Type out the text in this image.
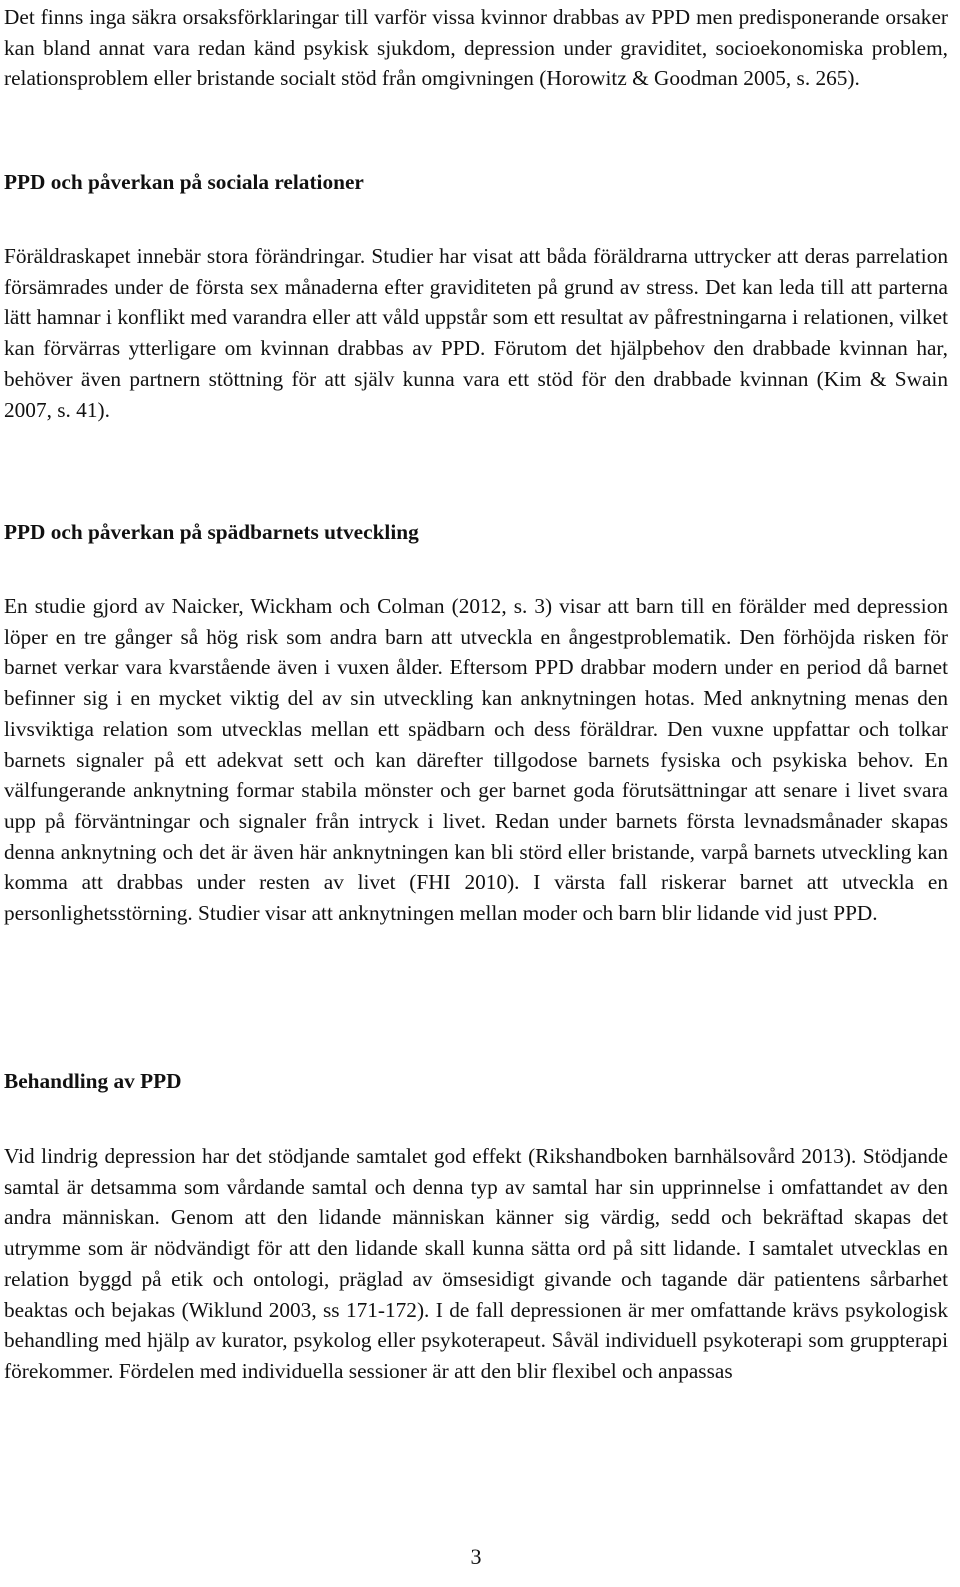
Det finns inga säkra orsaksförklaringar till varför vissa kvinnor drabbas av PPD men predisponerande orsaker kan bland annat vara redan känd psykisk sjukdom, depression under graviditet, socioekonomiska problem, relationsproblem eller bristande socialt stöd från omgivningen (Horowitz & Goodman 2005, s. 265).

PPD och påverkan på sociala relationer

Föräldraskapet innebär stora förändringar. Studier har visat att båda föräldrarna uttrycker att deras parrelation försämrades under de första sex månaderna efter graviditeten på grund av stress. Det kan leda till att parterna lätt hamnar i konflikt med varandra eller att våld uppstår som ett resultat av påfrestningarna i relationen, vilket kan förvärras ytterligare om kvinnan drabbas av PPD. Förutom det hjälpbehov den drabbade kvinnan har, behöver även partnern stöttning för att själv kunna vara ett stöd för den drabbade kvinnan (Kim & Swain 2007, s. 41).

PPD och påverkan på spädbarnets utveckling

En studie gjord av Naicker, Wickham och Colman (2012, s. 3) visar att barn till en förälder med depression löper en tre gånger så hög risk som andra barn att utveckla en ångestproblematik. Den förhöjda risken för barnet verkar vara kvarstående även i vuxen ålder. Eftersom PPD drabbar modern under en period då barnet befinner sig i en mycket viktig del av sin utveckling kan anknytningen hotas. Med anknytning menas den livsviktiga relation som utvecklas mellan ett spädbarn och dess föräldrar. Den vuxne uppfattar och tolkar barnets signaler på ett adekvat sett och kan därefter tillgodose barnets fysiska och psykiska behov. En välfungerande anknytning formar stabila mönster och ger barnet goda förutsättningar att senare i livet svara upp på förväntningar och signaler från intryck i livet. Redan under barnets första levnadsmånader skapas denna anknytning och det är även här anknytningen kan bli störd eller bristande, varpå barnets utveckling kan komma att drabbas under resten av livet (FHI 2010). I värsta fall riskerar barnet att utveckla en personlighetsstörning. Studier visar att anknytningen mellan moder och barn blir lidande vid just PPD.

Behandling av PPD

Vid lindrig depression har det stödjande samtalet god effekt (Rikshandboken barnhälsovård 2013). Stödjande samtal är detsamma som vårdande samtal och denna typ av samtal har sin upprinnelse i omfattandet av den andra människan. Genom att den lidande människan känner sig värdig, sedd och bekräftad skapas det utrymme som är nödvändigt för att den lidande skall kunna sätta ord på sitt lidande. I samtalet utvecklas en relation byggd på etik och ontologi, präglad av ömsesidigt givande och tagande där patientens sårbarhet beaktas och bejakas (Wiklund 2003, ss 171-172). I de fall depressionen är mer omfattande krävs psykologisk behandling med hjälp av kurator, psykolog eller psykoterapeut. Såväl individuell psykoterapi som gruppterapi förekommer. Fördelen med individuella sessioner är att den blir flexibel och anpassas

3
